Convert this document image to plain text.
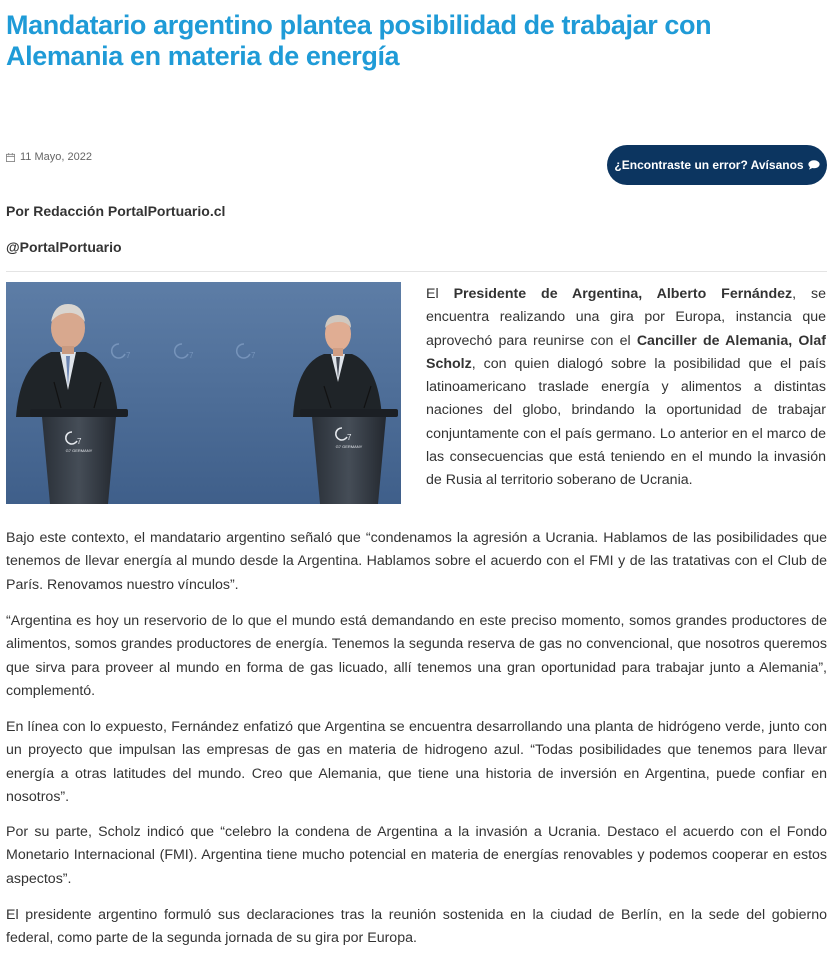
Mandatario argentino plantea posibilidad de trabajar con Alemania en materia de energía
11 Mayo, 2022
¿Encontraste un error? Avísanos
Por Redacción PortalPortuario.cl
@PortalPortuario
7	7	7
7
G7 GERMANY
7
G7 GERMANY

El Presidente de Argentina, Alberto Fernández, se encuentra realizando una gira por Europa, instancia que aprovechó para reunirse con el Canciller de Alemania, Olaf Scholz, con quien dialogó sobre la posibilidad que el país latinoamericano traslade energía y alimentos a distintas naciones del globo, brindando la oportunidad de trabajar conjuntamente con el país germano. Lo anterior en el marco de las consecuencias que está teniendo en el mundo la invasión de Rusia al territorio soberano de Ucrania.

Bajo este contexto, el mandatario argentino señaló que “condenamos la agresión a Ucrania. Hablamos de las posibilidades que tenemos de llevar energía al mundo desde la Argentina. Hablamos sobre el acuerdo con el FMI y de las tratativas con el Club de París. Renovamos nuestro vínculos”.

“Argentina es hoy un reservorio de lo que el mundo está demandando en este preciso momento, somos grandes productores de alimentos, somos grandes productores de energía. Tenemos la segunda reserva de gas no convencional, que nosotros queremos que sirva para proveer al mundo en forma de gas licuado, allí tenemos una gran oportunidad para trabajar junto a Alemania”, complementó.

En línea con lo expuesto, Fernández enfatizó que Argentina se encuentra desarrollando una planta de hidrógeno verde, junto con un proyecto que impulsan las empresas de gas en materia de hidrogeno azul. “Todas posibilidades que tenemos para llevar energía a otras latitudes del mundo. Creo que Alemania, que tiene una historia de inversión en Argentina, puede confiar en nosotros”.

Por su parte, Scholz indicó que “celebro la condena de Argentina a la invasión a Ucrania. Destaco el acuerdo con el Fondo Monetario Internacional (FMI). Argentina tiene mucho potencial en materia de energías renovables y podemos cooperar en estos aspectos”.

El presidente argentino formuló sus declaraciones tras la reunión sostenida en la ciudad de Berlín, en la sede del gobierno federal, como parte de la segunda jornada de su gira por Europa.
